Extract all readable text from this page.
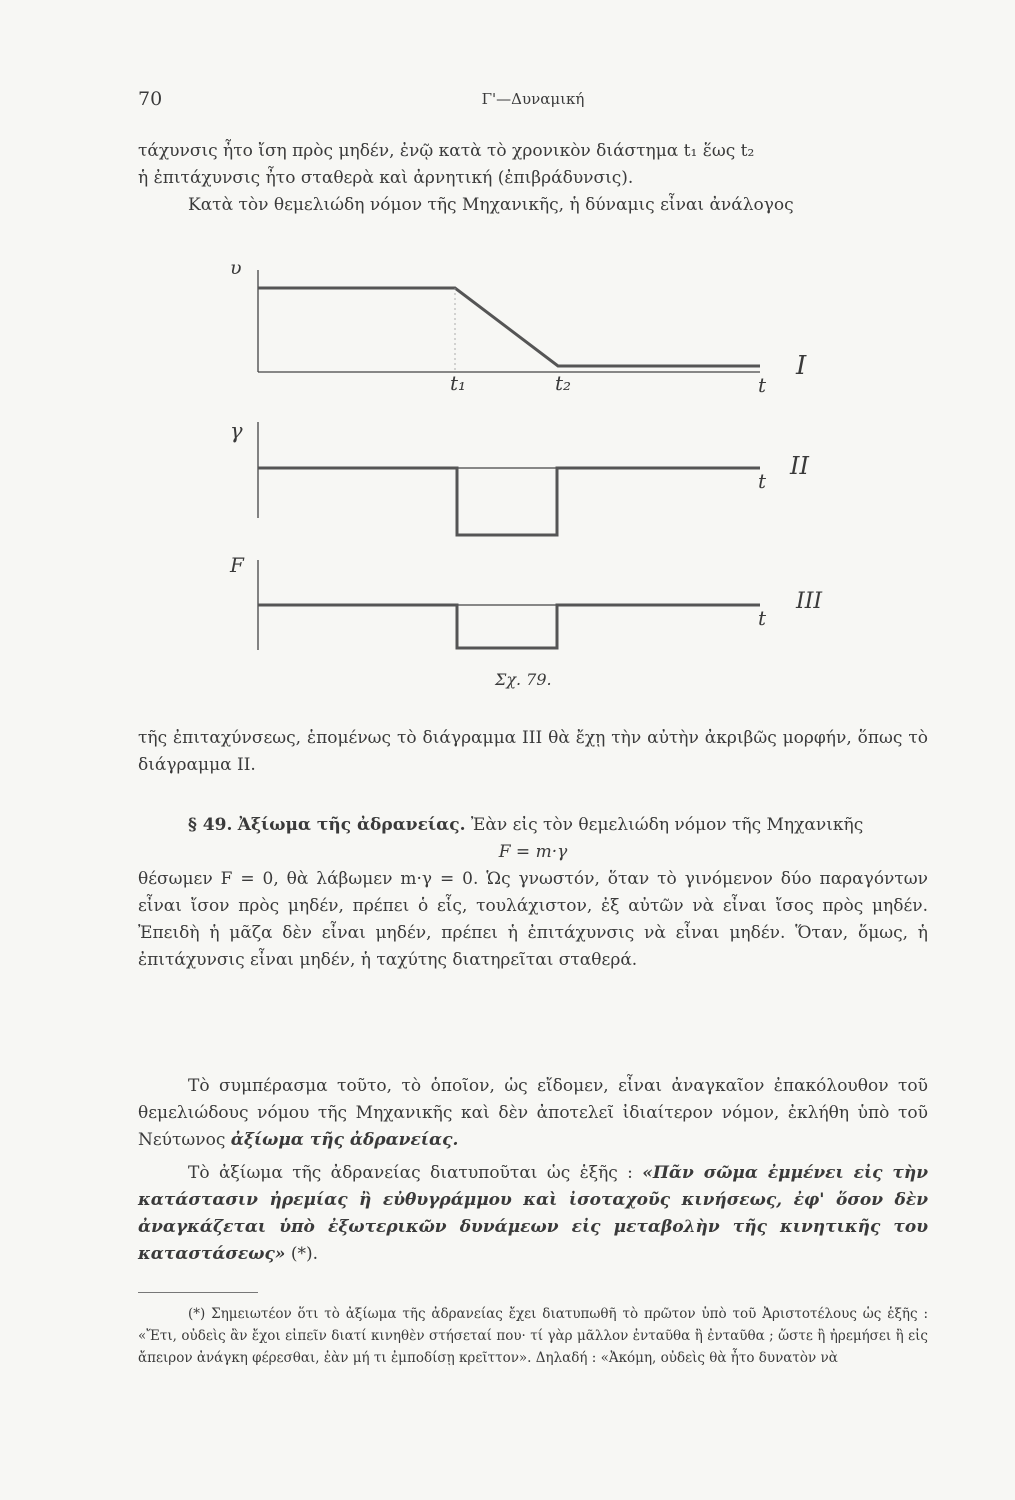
70	Γ'—Δυναμική

τάχυνσις ἦτο ἴση πρὸς μηδέν, ἐνῷ κατὰ τὸ χρονικὸν διάστημα t₁ ἕως t₂

ἡ ἐπιτάχυνσις ἦτο σταθερὰ καὶ ἀρνητική (ἐπιβράδυνσις).

Κατὰ τὸν θεμελιώδη νόμον τῆς Μηχανικῆς, ἡ δύναμις εἶναι ἀνάλογος

υ
t₁	t₂	t
I
γ
t
II
F
t
III
Σχ. 79.

τῆς ἐπιταχύνσεως, ἑπομένως τὸ διάγραμμα III θὰ ἔχῃ τὴν αὐτὴν ἀκριβῶς μορφήν, ὅπως τὸ διάγραμμα II.

§ 49. Ἀξίωμα τῆς ἀδρανείας. Ἐὰν εἰς τὸν θεμελιώδη νόμον τῆς Μηχανικῆς

F = m·γ

θέσωμεν F = 0, θὰ λάβωμεν m·γ = 0. Ὡς γνωστόν, ὅταν τὸ γινόμενον δύο παραγόντων εἶναι ἴσον πρὸς μηδέν, πρέπει ὁ εἷς, τουλάχιστον, ἐξ αὐτῶν νὰ εἶναι ἴσος πρὸς μηδέν. Ἐπειδὴ ἡ μᾶζα δὲν εἶναι μηδέν, πρέπει ἡ ἐπιτάχυνσις νὰ εἶναι μηδέν. Ὅταν, ὅμως, ἡ ἐπιτάχυνσις εἶναι μηδέν, ἡ ταχύτης διατηρεῖται σταθερά.

Τὸ συμπέρασμα τοῦτο, τὸ ὁποῖον, ὡς εἴδομεν, εἶναι ἀναγκαῖον ἐπακόλουθον τοῦ θεμελιώδους νόμου τῆς Μηχανικῆς καὶ δὲν ἀποτελεῖ ἰδιαίτερον νόμον, ἐκλήθη ὑπὸ τοῦ Νεύτωνος ἀξίωμα τῆς ἀδρανείας.

Τὸ ἀξίωμα τῆς ἀδρανείας διατυποῦται ὡς ἑξῆς : «Πᾶν σῶμα ἐμμένει εἰς τὴν κατάστασιν ἠρεμίας ἢ εὐθυγράμμου καὶ ἰσοταχοῦς κινήσεως, ἐφ' ὅσον δὲν ἀναγκάζεται ὑπὸ ἐξωτερικῶν δυνάμεων εἰς μεταβολὴν τῆς κινητικῆς του καταστάσεως» (*).

(*) Σημειωτέον ὅτι τὸ ἀξίωμα τῆς ἀδρανείας ἔχει διατυπωθῆ τὸ πρῶτον ὑπὸ τοῦ Ἀριστοτέλους ὡς ἑξῆς : «Ἔτι, οὐδεὶς ἂν ἔχοι εἰπεῖν διατί κινηθὲν στήσεταί που· τί γὰρ μᾶλλον ἐνταῦθα ἢ ἐνταῦθα ; ὥστε ἢ ἠρεμήσει ἢ εἰς ἄπειρον ἀνάγκη φέρεσθαι, ἐὰν μή τι ἐμποδίσῃ κρεῖττον». Δηλαδή : «Ἀκόμη, οὐδεὶς θὰ ἦτο δυνατὸν νὰ
